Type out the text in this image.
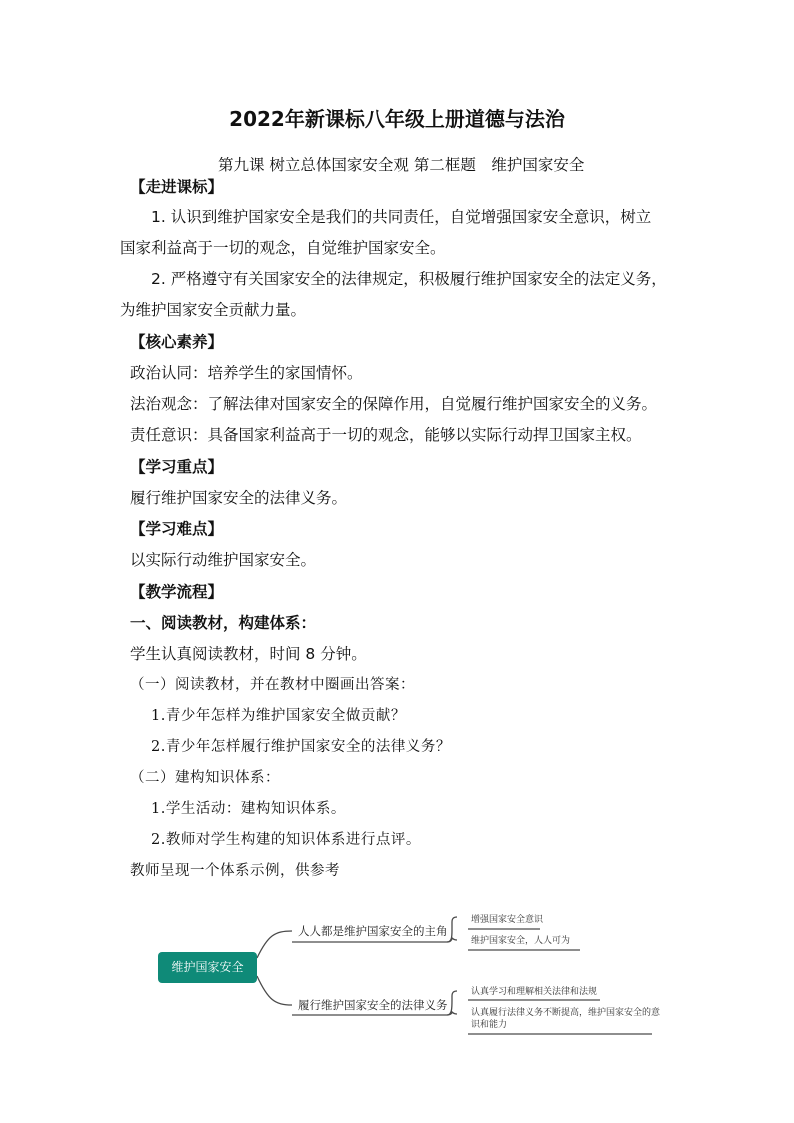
2022年新课标八年级上册道德与法治
第九课 树立总体国家安全观 第二框题　维护国家安全
【走进课标】
1. 认识到维护国家安全是我们的共同责任，自觉增强国家安全意识，树立
国家利益高于一切的观念，自觉维护国家安全。
2. 严格遵守有关国家安全的法律规定，积极履行维护国家安全的法定义务，
为维护国家安全贡献力量。
【核心素养】
政治认同：培养学生的家国情怀。
法治观念：了解法律对国家安全的保障作用，自觉履行维护国家安全的义务。
责任意识：具备国家利益高于一切的观念，能够以实际行动捍卫国家主权。
【学习重点】
履行维护国家安全的法律义务。
【学习难点】
以实际行动维护国家安全。
【教学流程】
一、阅读教材，构建体系：
学生认真阅读教材，时间 8 分钟。
（一）阅读教材，并在教材中圈画出答案：
1.青少年怎样为维护国家安全做贡献？
2.青少年怎样履行维护国家安全的法律义务？
（二）建构知识体系：
1.学生活动：建构知识体系。
2.教师对学生构建的知识体系进行点评。
教师呈现一个体系示例，供参考
维护国家安全
人人都是维护国家安全的主角
履行维护国家安全的法律义务
增强国家安全意识
维护国家安全，人人可为
认真学习和理解相关法律和法规
认真履行法律义务不断提高，维护国家安全的意
识和能力
